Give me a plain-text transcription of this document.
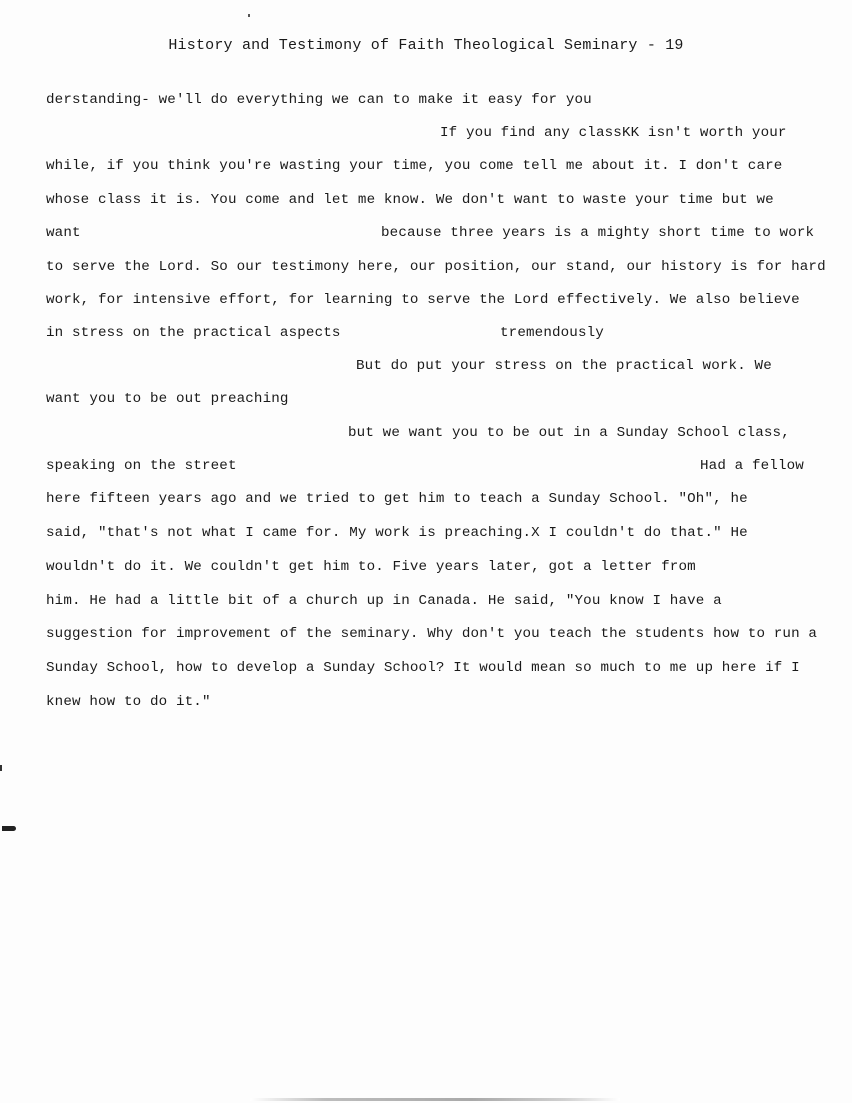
History and Testimony of Faith Theological Seminary - 19
derstanding- we'll do everything we can to make it easy for you
If you find any classKK isn't worth your
while, if you think you're wasting your time, you come tell me about it. I don't care
whose class it is. You come and let me know. We don't want to waste your time but we
want	because three years is a mighty short time to work
to serve the Lord. So our testimony here, our position, our stand, our history is for hard
work, for intensive effort, for learning to serve the Lord effectively. We also believe
in stress on the practical aspects	tremendously
But do put your stress on the practical work. We
want you to be out preaching
but we want you to be out in a Sunday School class,
speaking on the street	Had a fellow
here fifteen years ago and we tried to get him to teach a Sunday School. "Oh", he
said, "that's not what I came for. My work is preaching.X I couldn't do that." He
wouldn't do it. We couldn't get him to. Five years later, got a letter from
him. He had a little bit of a church up in Canada. He said, "You know I have a
suggestion for improvement of the seminary. Why don't you teach the students how to run a
Sunday School, how to develop a Sunday School? It would mean so much to me up here if I
knew how to do it."
